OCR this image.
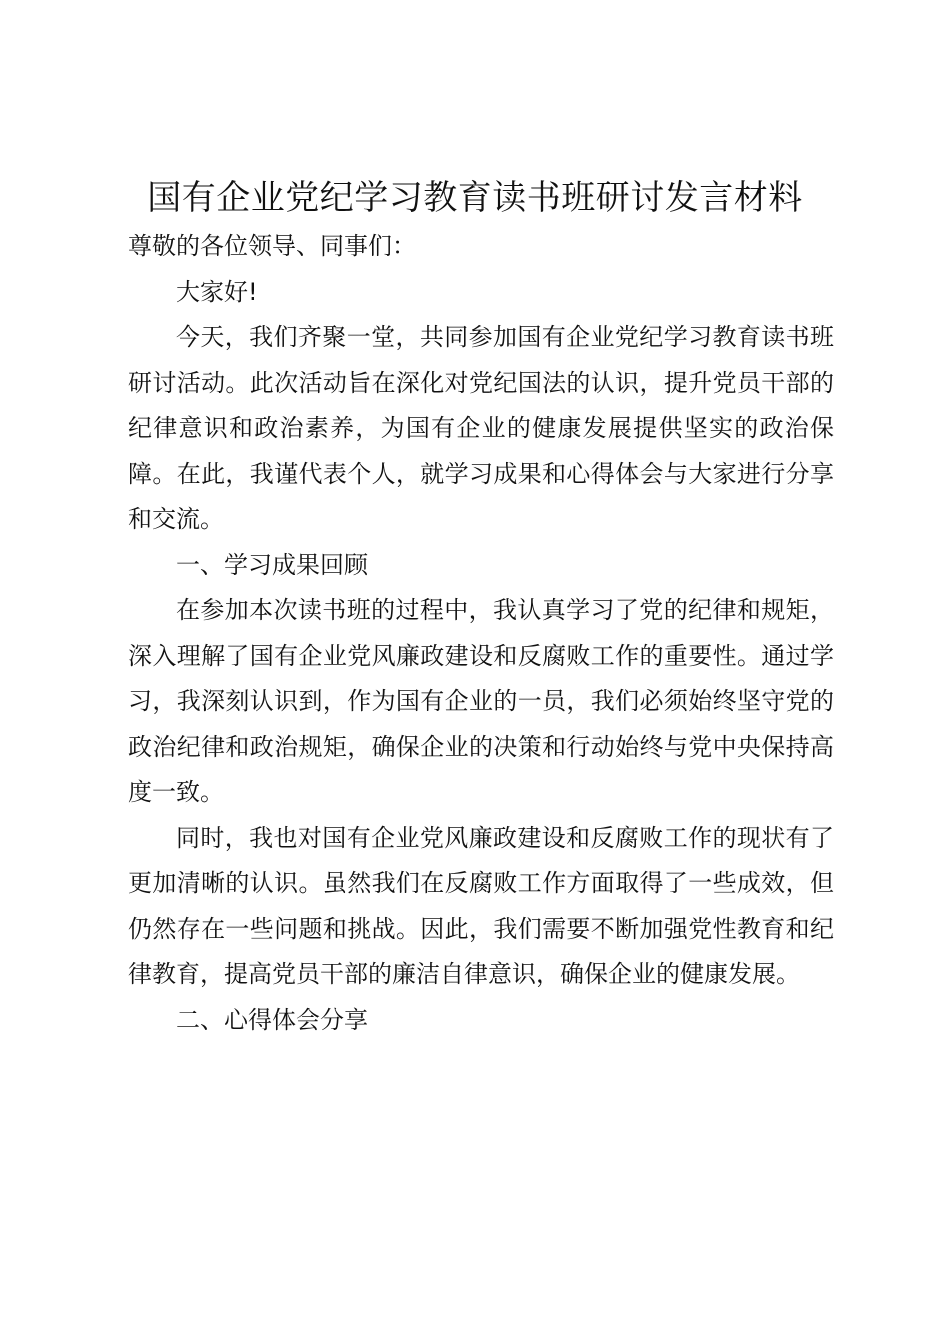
国有企业党纪学习教育读书班研讨发言材料

尊敬的各位领导、同事们：

大家好!

今天，我们齐聚一堂，共同参加国有企业党纪学习教育读书班研讨活动。此次活动旨在深化对党纪国法的认识，提升党员干部的纪律意识和政治素养，为国有企业的健康发展提供坚实的政治保障。在此，我谨代表个人，就学习成果和心得体会与大家进行分享和交流。

一、学习成果回顾

在参加本次读书班的过程中，我认真学习了党的纪律和规矩，深入理解了国有企业党风廉政建设和反腐败工作的重要性。通过学习，我深刻认识到，作为国有企业的一员，我们必须始终坚守党的政治纪律和政治规矩，确保企业的决策和行动始终与党中央保持高度一致。

同时，我也对国有企业党风廉政建设和反腐败工作的现状有了更加清晰的认识。虽然我们在反腐败工作方面取得了一些成效，但仍然存在一些问题和挑战。因此，我们需要不断加强党性教育和纪律教育，提高党员干部的廉洁自律意识，确保企业的健康发展。

二、心得体会分享
